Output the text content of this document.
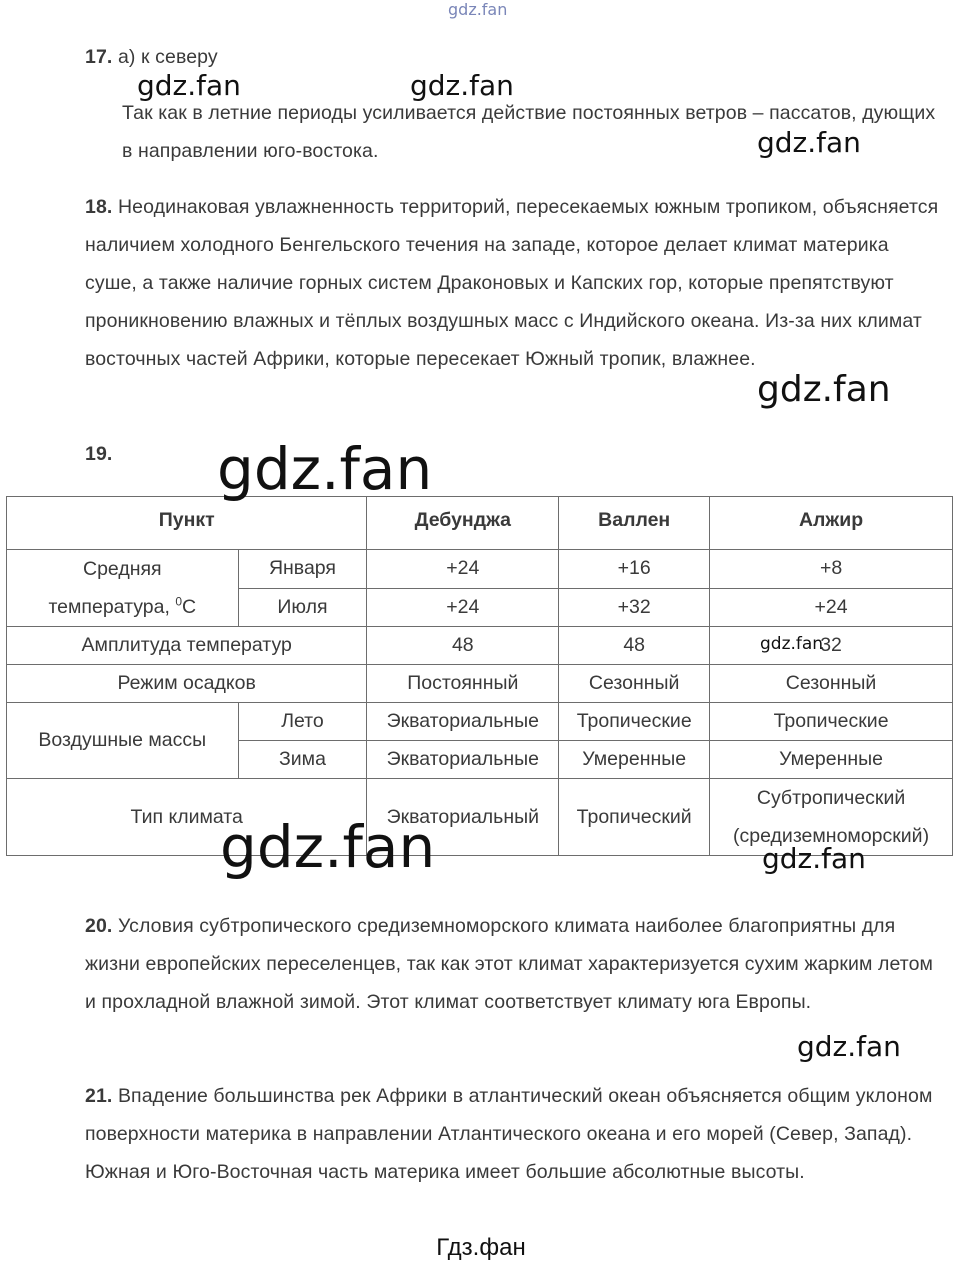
gdz.fan
17. а) к северу
Так как в летние периоды усиливается действие постоянных ветров – пассатов, дующих в направлении юго-востока.
18. Неодинаковая увлажненность территорий, пересекаемых южным тропиком, объясняется наличием холодного Бенгельского течения на западе, которое делает климат материка суше, а также наличие горных систем Драконовых и Капских гор, которые препятствуют проникновению влажных и тёплых воздушных масс с Индийского океана. Из-за них климат восточных частей Африки, которые пересекает Южный тропик, влажнее.
19.
Пункт		Дебунджа	Валлен	Алжир
Средняя
температура, $^0$C	Января	+24	+16	+8
	Июля	+24	+32	+24
Амплитуда температур		48	48	32
Режим осадков		Постоянный	Сезонный	Сезонный
Воздушные массы	Лето	Экваториальные	Тропические	Тропические
	Зима	Экваториальные	Умеренные	Умеренные
Тип климата		Экваториальный	Тропический	Субтропический
(средиземноморский)
20. Условия субтропического средиземноморского климата наиболее благоприятны для жизни европейских переселенцев, так как этот климат характеризуется сухим жарким летом и прохладной влажной зимой. Этот климат соответствует климату юга Европы.
21. Впадение большинства рек Африки в атлантический океан объясняется общим уклоном поверхности материка в направлении Атлантического океана и его морей (Север, Запад). Южная и Юго-Восточная часть материка имеет большие абсолютные высоты.
gdz.fan	gdz.fan
gdz.fan
gdz.fan
gdz.fan
gdz.fan
gdz.fan	gdz.fan
gdz.fan
Гдз.фан
